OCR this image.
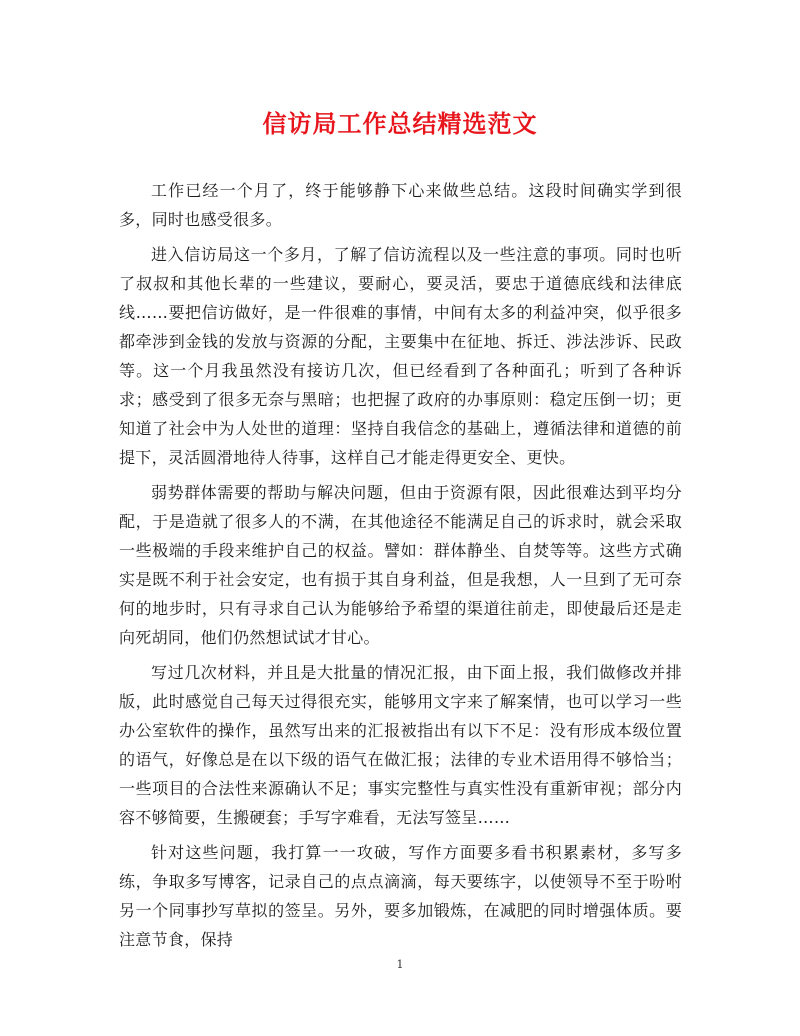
信访局工作总结精选范文

工作已经一个月了，终于能够静下心来做些总结。这段时间确实学到很多，同时也感受很多。

进入信访局这一个多月，了解了信访流程以及一些注意的事项。同时也听了叔叔和其他长辈的一些建议，要耐心，要灵活，要忠于道德底线和法律底线……要把信访做好，是一件很难的事情，中间有太多的利益冲突，似乎很多都牵涉到金钱的发放与资源的分配，主要集中在征地、拆迁、涉法涉诉、民政等。这一个月我虽然没有接访几次，但已经看到了各种面孔；听到了各种诉求；感受到了很多无奈与黑暗；也把握了政府的办事原则：稳定压倒一切；更知道了社会中为人处世的道理：坚持自我信念的基础上，遵循法律和道德的前提下，灵活圆滑地待人待事，这样自己才能走得更安全、更快。

弱势群体需要的帮助与解决问题，但由于资源有限，因此很难达到平均分配，于是造就了很多人的不满，在其他途径不能满足自己的诉求时，就会采取一些极端的手段来维护自己的权益。譬如：群体静坐、自焚等等。这些方式确实是既不利于社会安定，也有损于其自身利益，但是我想，人一旦到了无可奈何的地步时，只有寻求自己认为能够给予希望的渠道往前走，即使最后还是走向死胡同，他们仍然想试试才甘心。

写过几次材料，并且是大批量的情况汇报，由下面上报，我们做修改并排版，此时感觉自己每天过得很充实，能够用文字来了解案情，也可以学习一些办公室软件的操作，虽然写出来的汇报被指出有以下不足：没有形成本级位置的语气，好像总是在以下级的语气在做汇报；法律的专业术语用得不够恰当；一些项目的合法性来源确认不足；事实完整性与真实性没有重新审视；部分内容不够简要，生搬硬套；手写字难看，无法写签呈……

针对这些问题，我打算一一攻破，写作方面要多看书积累素材，多写多练，争取多写博客，记录自己的点点滴滴，每天要练字，以使领导不至于吩咐另一个同事抄写草拟的签呈。另外，要多加锻炼，在减肥的同时增强体质。要注意节食，保持

1
